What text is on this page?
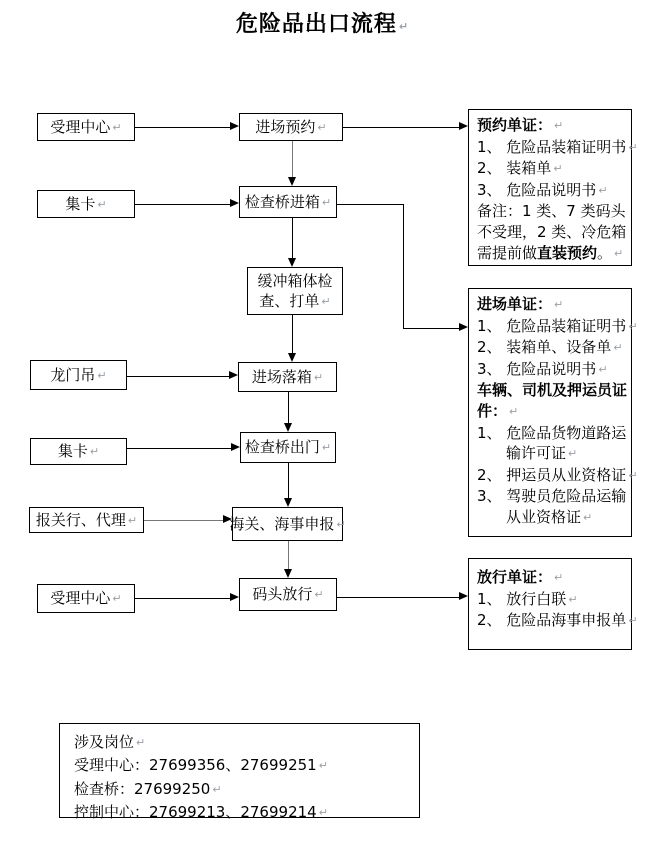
危险品出口流程 ↵
受理中心 ↵
集卡 ↵
龙门吊 ↵
集卡 ↵
报关行、代理 ↵
受理中心 ↵
进场预约 ↵
检查桥进箱 ↵
缓冲箱体检
查、打单 ↵
进场落箱 ↵
检查桥出门 ↵
海关、海事申报 ↵
码头放行 ↵
预约单证： ↵
1、 危险品装箱证明书 ↵
2、 装箱单 ↵
3、 危险品说明书 ↵
备注：1 类、7 类码头
不受理，2 类、冷危箱
需提前做直装预约。 ↵
进场单证： ↵
1、 危险品装箱证明书 ↵
2、 装箱单、设备单 ↵
3、 危险品说明书 ↵
车辆、司机及押运员证
件： ↵
1、 危险品货物道路运
输许可证 ↵
2、 押运员从业资格证 ↵
3、 驾驶员危险品运输
从业资格证 ↵
放行单证： ↵
1、 放行白联 ↵
2、 危险品海事申报单 ↵
涉及岗位 ↵
受理中心：27699356、27699251 ↵
检查桥：27699250 ↵
控制中心：27699213、27699214 ↵
